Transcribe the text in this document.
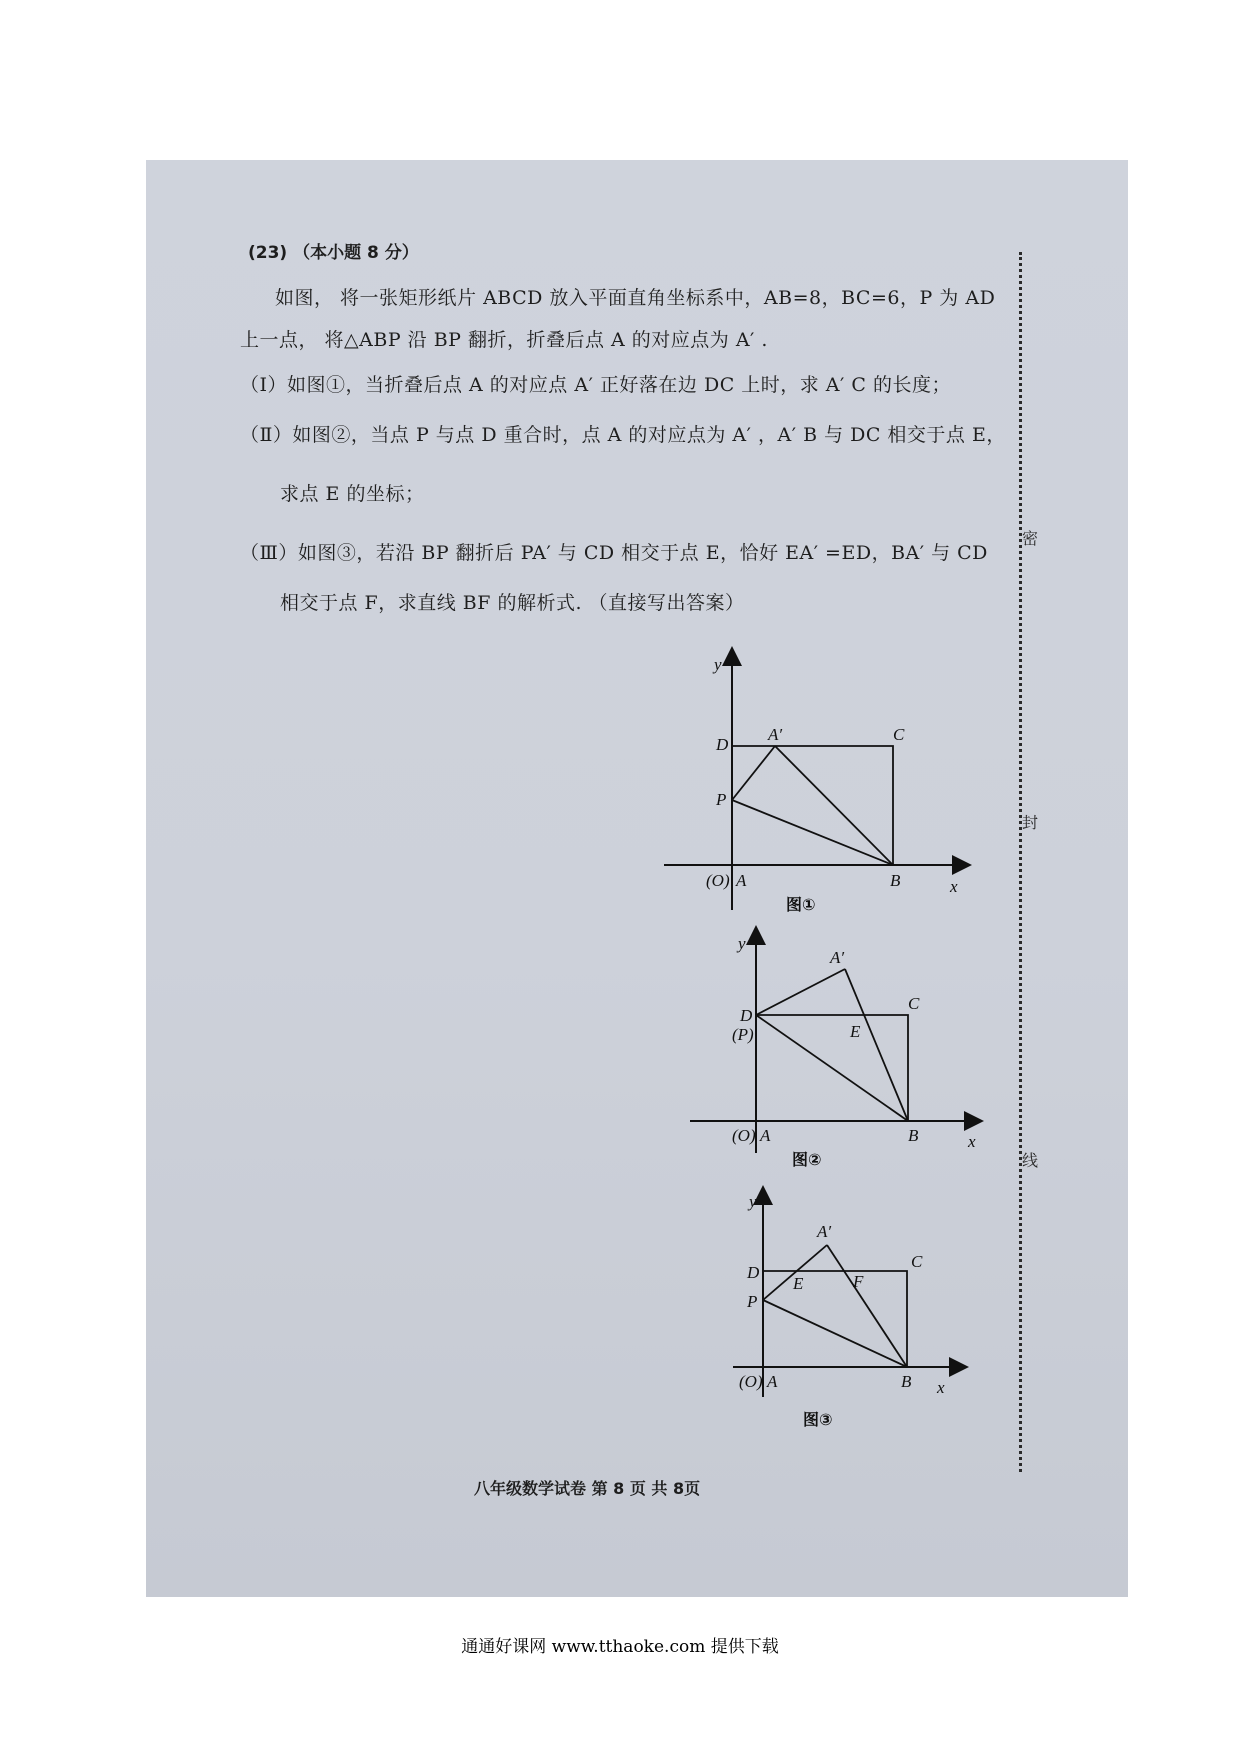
(23) （本小题 8 分）
如图， 将一张矩形纸片 ABCD 放入平面直角坐标系中，AB=8，BC=6，P 为 AD
上一点， 将△ABP 沿 BP 翻折，折叠后点 A 的对应点为 A′ .
（Ⅰ）如图①，当折叠后点 A 的对应点 A′ 正好落在边 DC 上时，求 A′ C 的长度；
（Ⅱ）如图②，当点 P 与点 D 重合时，点 A 的对应点为 A′ ，A′ B 与 DC 相交于点 E，
求点 E 的坐标；
（Ⅲ）如图③，若沿 BP 翻折后 PA′ 与 CD 相交于点 E，恰好 EA′ =ED，BA′ 与 CD
相交于点 F，求直线 BF 的解析式. （直接写出答案）
密
封
线
y
D
A′	C
P
(O) A	B	x
图①
y
A′
D
C
(P)	E
(O) A	B	x
图②
y
A′
D
C
E	F
P
(O) A	B x
图③
八年级数学试卷 第 8 页 共 8页
通通好课网 www.tthaoke.com 提供下载
